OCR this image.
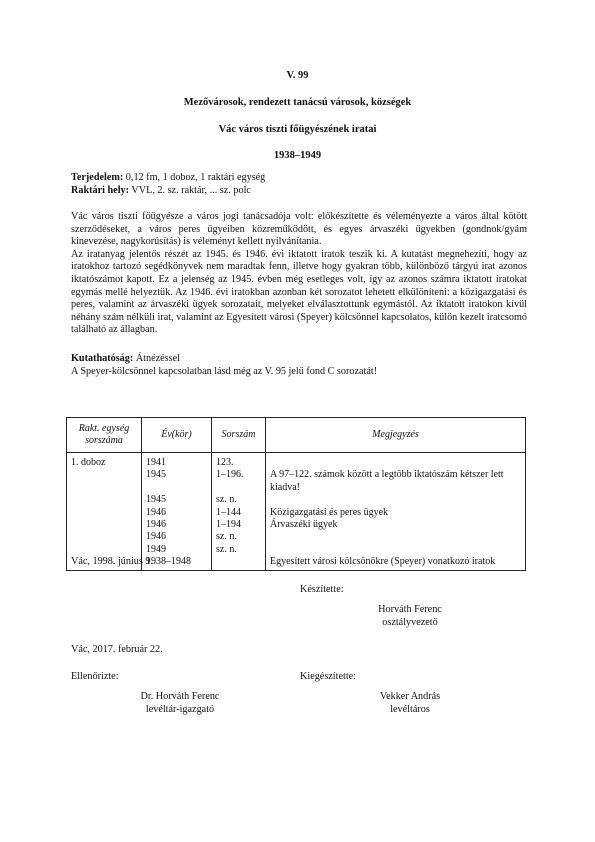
V. 99
Mezővárosok, rendezett tanácsú városok, községek
Vác város tiszti főügyészének iratai
1938–1949
Terjedelem: 0,12 fm, 1 doboz, 1 raktári egység
Raktári hely: VVL, 2. sz. raktár, ... sz. polc

Vác város tiszti főügyésze a város jogi tanácsadója volt: előkészítette és véleményezte a város által kötött szerződéseket, a város peres ügyeiben közreműködött, és egyes árvaszéki ügyekben (gondnok/gyám kinevezése, nagykorúsítás) is véleményt kellett nyilvánítania.

Az iratanyag jelentős részét az 1945. és 1946. évi iktatott iratok teszik ki. A kutatást megnehezíti, hogy az iratokhoz tartozó segédkönyvek nem maradtak fenn, illetve hogy gyakran több, különböző tárgyú irat azonos iktatószámot kapott. Ez a jelenség az 1945. évben még esetleges volt, így az azonos számra iktatott iratokat egymás mellé helyeztük. Az 1946. évi iratokban azonban két sorozatot lehetett elkülöníteni: a közigazgatási és peres, valamint az árvaszéki ügyek sorozatait, melyeket elválasztottunk egymástól. Az iktatott iratokon kívül néhány szám nélküli irat, valamint az Egyesített városi (Speyer) kölcsönnel kapcsolatos, külön kezelt iratcsomó található az állagban.

Kutathatóság: Átnézéssel
A Speyer-kölcsönnel kapcsolatban lásd még az V. 95 jelű fond C sorozatát!
Rakt. egység sorszáma	Év(kör)	Sorszám	Megjegyzés
1. doboz	1941	123.	
	1945	1–196.	A 97–122. számok között a legtöbb iktatószám kétszer lett kiadva!
	1945	sz. n.	
	1946	1–144	Közigazgatási és peres ügyek
	1946	1–194	Árvaszéki ügyek
	1946	sz. n.	
	1949	sz. n.	
	1938–1948		Egyesített városi kölcsönökre (Speyer) vonatkozó iratok
Vác, 1998. június 9.
Készítette:
Horváth Ferenc
osztályvezető
Vác, 2017. február 22.
Ellenőrizte:	Kiegészítette:
Dr. Horváth Ferenc
levéltár-igazgató
Vekker András
levéltáros
